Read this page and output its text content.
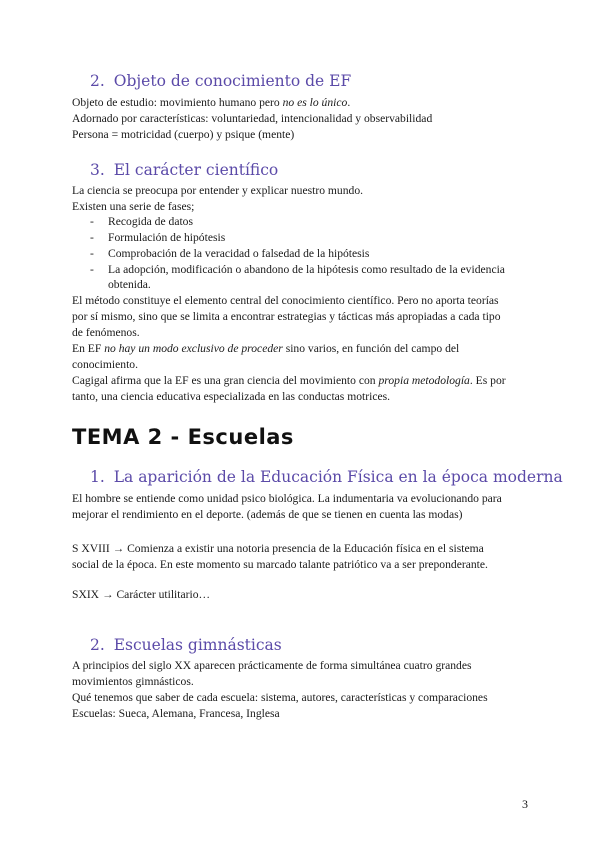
2. Objeto de conocimiento de EF
Objeto de estudio: movimiento humano pero no es lo único.
Adornado por características: voluntariedad, intencionalidad y observabilidad
Persona = motricidad (cuerpo) y psique (mente)
3. El carácter científico
La ciencia se preocupa por entender y explicar nuestro mundo.
Existen una serie de fases;
- Recogida de datos
- Formulación de hipótesis
- Comprobación de la veracidad o falsedad de la hipótesis
- La adopción, modificación o abandono de la hipótesis como resultado de la evidencia
obtenida.
El método constituye el elemento central del conocimiento científico. Pero no aporta teorías
por sí mismo, sino que se limita a encontrar estrategias y tácticas más apropiadas a cada tipo
de fenómenos.
En EF no hay un modo exclusivo de proceder sino varios, en función del campo del
conocimiento.
Cagigal afirma que la EF es una gran ciencia del movimiento con propia metodología. Es por
tanto, una ciencia educativa especializada en las conductas motrices.
TEMA 2 - Escuelas
1. La aparición de la Educación Física en la época moderna
El hombre se entiende como unidad psico biológica. La indumentaria va evolucionando para
mejorar el rendimiento en el deporte. (además de que se tienen en cuenta las modas)
S XVIII → Comienza a existir una notoria presencia de la Educación física en el sistema
social de la época. En este momento su marcado talante patriótico va a ser preponderante.
SXIX → Carácter utilitario…
2. Escuelas gimnásticas
A principios del siglo XX aparecen prácticamente de forma simultánea cuatro grandes
movimientos gimnásticos.
Qué tenemos que saber de cada escuela: sistema, autores, características y comparaciones
Escuelas: Sueca, Alemana, Francesa, Inglesa
3
